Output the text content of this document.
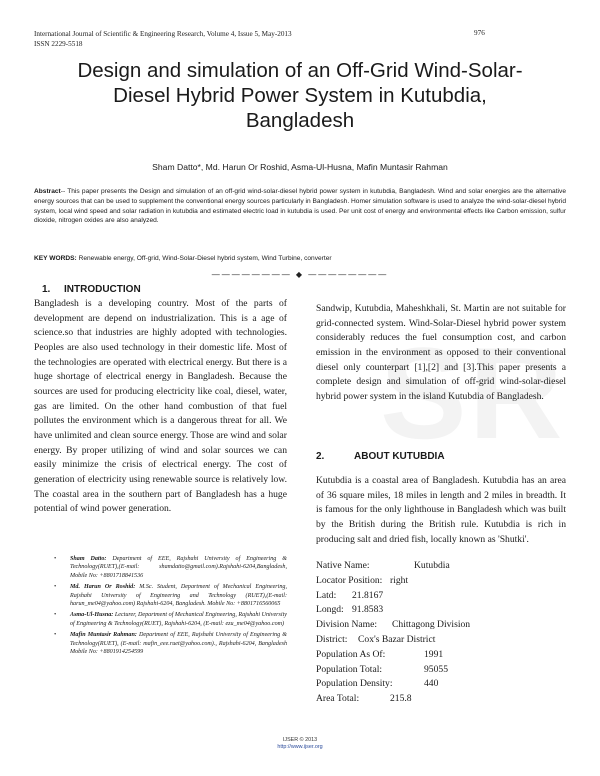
International Journal of Scientific & Engineering Research, Volume 4, Issue 5, May-2013
ISSN 2229-5518
976
Design and simulation of an Off-Grid Wind-Solar-
Diesel Hybrid Power System in Kutubdia,
Bangladesh
Sham Datto*, Md. Harun Or Roshid, Asma-Ul-Husna, Mafin Muntasir Rahman
Abstract-- This paper presents the Design and simulation of an off-grid wind-solar-diesel hybrid power system in kutubdia, Bangladesh. Wind and solar energies are the alternative energy sources that can be used to supplement the conventional energy sources particularly in Bangladesh. Homer simulation software is used to analyze the wind-solar-diesel hybrid system, local wind speed and solar radiation in kutubdia and estimated electric load in kutubdia is used. Per unit cost of energy and environmental effects like Carbon emission, sulfur dioxide, nitrogen oxides are also analyzed.
KEY WORDS: Renewable energy, Off-grid, Wind-Solar-Diesel hybrid system, Wind Turbine, converter
———————— ◆ ————————
1. INTRODUCTION
Bangladesh is a developing country. Most of the parts of development are depend on industrialization. This is a age of science.so that industries are highly adopted with technologies. Peoples are also used technology in their domestic life. Most of the technologies are operated with electrical energy. But there is a huge shortage of electrical energy in Bangladesh. Because the sources are used for producing electricity like coal, diesel, water, gas are limited. On the other hand combustion of that fuel pollutes the environment which is a dangerous threat for all. We have unlimited and clean source energy. Those are wind and solar energy. By proper utilizing of wind and solar sources we can easily minimize the crisis of electrical energy. The cost of generation of electricity using renewable source is relatively low. The coastal area in the southern part of Bangladesh has a huge potential of wind power generation.
Sandwip, Kutubdia, Maheshkhali, St. Martin are not suitable for grid-connected system. Wind-Solar-Diesel hybrid power system considerably reduces the fuel consumption cost, and carbon emission in the environment as opposed to their conventional diesel only counterpart [1],[2] and [3].This paper presents a complete design and simulation of off-grid wind-solar-diesel hybrid power system in the island Kutubdia of Bangladesh.
2.	ABOUT KUTUBDIA
Kutubdia is a coastal area of Bangladesh. Kutubdia has an area of 36 square miles, 18 miles in length and 2 miles in breadth. It is famous for the only lighthouse in Bangladesh which was built by the British during the British rule. Kutubdia is rich in producing salt and dried fish, locally known as 'Shutki'.
Native Name:	Kutubdia
Locator Position: right
Latd: 21.8167
Longd: 91.8583
Division Name: Chittagong Division
District: Cox's Bazar District
Population As Of:	1991
Population Total:	95055
Population Density:	440
Area Total:	215.8
• Sham Datto: Department of EEE, Rajshahi University of Engineering & Technology(RUET),(E-mail: shamdatto@gmail.com).Rajshahi-6204,Bangladesh, Mobile No: +8801718841536
• Md. Harun Or Roshid: M.Sc. Student, Department of Mechanical Engineering, Rajshahi University of Engineering and Technology (RUET),(E-mail: harun_me04@yahoo.com) Rajshahi-6204, Bangladesh. Mobile No: +8801716560065
• Asma-Ul-Husna: Lecturer, Department of Mechanical Engineering, Rajshahi University of Engineering & Technology(RUET), Rajshahi-6204, (E-mail: ezu_me04@yahoo.com)
• Mafin Muntasir Rahman: Department of EEE, Rajshahi University of Engineering & Technology(RUET), (E-mail: mafin_eee.ruet@yahoo.com)., Rajshahi-6204, Bangladesh Mobile No: +8801914254599
IJSER © 2013
http://www.ijser.org
